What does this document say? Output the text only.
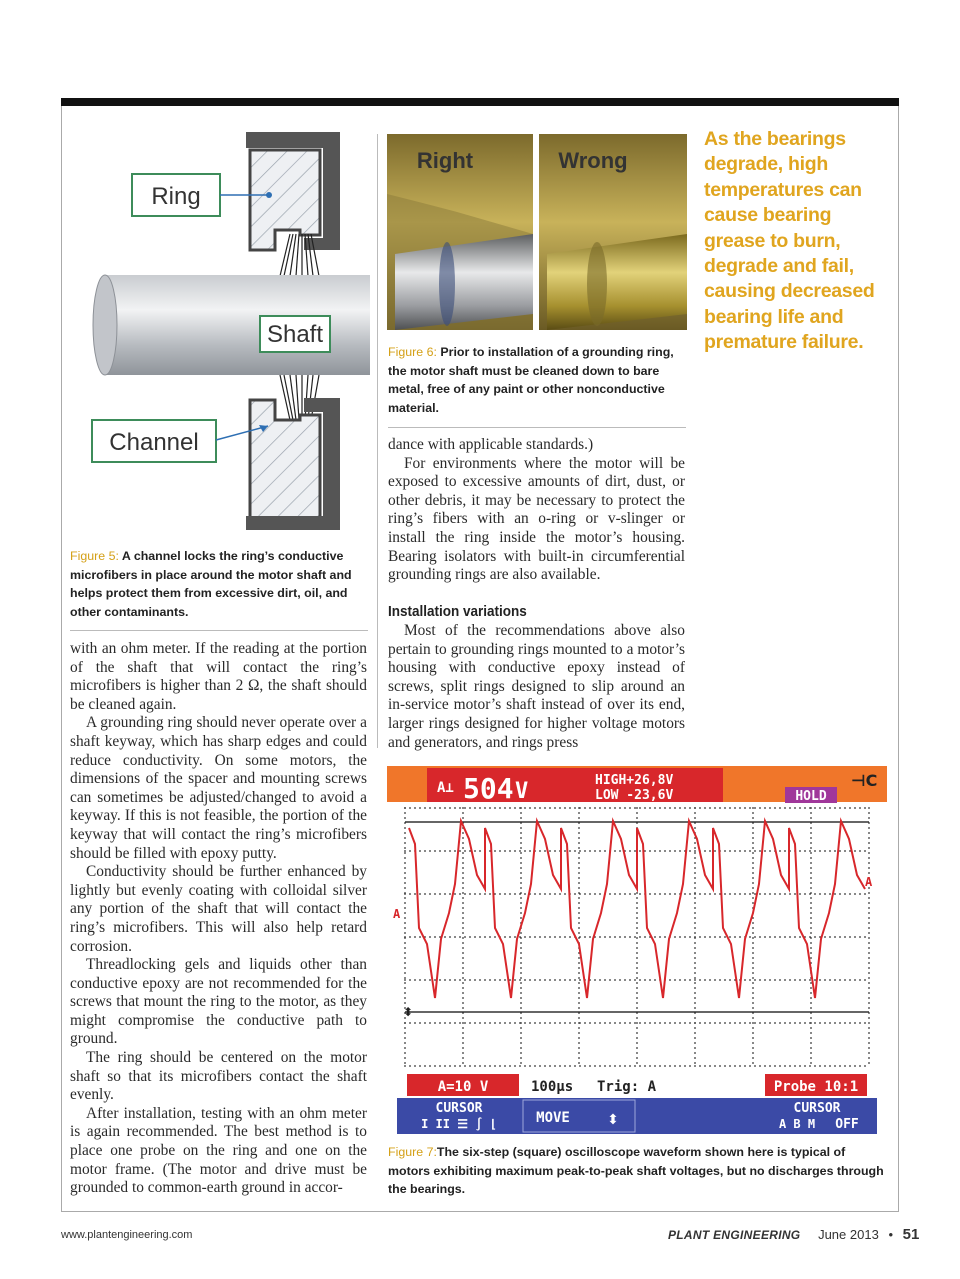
Ring
Shaft
Channel

Figure 5: A channel locks the ring’s conductive microfibers in place around the motor shaft and helps protect them from excessive dirt, oil, and other contaminants.

with an ohm meter. If the reading at the portion of the shaft that will contact the ring’s microfibers is higher than 2 Ω, the shaft should be cleaned again.

A grounding ring should never operate over a shaft keyway, which has sharp edges and could reduce conductivity. On some motors, the dimensions of the spacer and mounting screws can sometimes be adjusted/changed to avoid a keyway. If this is not feasible, the portion of the keyway that will contact the ring’s microfibers should be filled with epoxy putty.

Conductivity should be further enhanced by lightly but evenly coating with colloidal silver any portion of the shaft that will contact the ring’s microfibers. This will also help retard corrosion.

Threadlocking gels and liquids other than conductive epoxy are not recommended for the screws that mount the ring to the motor, as they might compromise the conductive path to ground.

The ring should be centered on the motor shaft so that its microfibers contact the shaft evenly.

After installation, testing with an ohm meter is again recommended. The best method is to place one probe on the ring and one on the motor frame. (The motor and drive must be grounded to common-earth ground in accor-

Right	Wrong

Figure 6: Prior to installation of a grounding ring, the motor shaft must be cleaned down to bare metal, free of any paint or other nonconductive material.

dance with applicable standards.)

For environments where the motor will be exposed to excessive amounts of dirt, dust, or other debris, it may be necessary to protect the ring’s fibers with an o-ring or v-slinger or install the ring inside the motor’s housing. Bearing isolators with built-in circumferential grounding rings are also available.

Installation variations

Most of the recommendations above also pertain to grounding rings mounted to a motor’s housing with conductive epoxy instead of screws, split rings designed to slip around an in-service motor’s shaft instead of over its end, larger rings designed for higher voltage motors and generators, and rings press

As the bearings degrade, high temperatures can cause bearing grease to burn, degrade and fail, causing decreased bearing life and premature failure.
A⊥ 504 V	HIGH+26,8V
LOW -23,6V	HOLD
⊣C
A
A
⬍
A=10 V	100µs Trig: A	Probe 10:1
CURSOR
I II ☰ ∫ ⌊	MOVE	⬍
CURSOR
A B M OFF

Figure 7:The six-step (square) oscilloscope waveform shown here is typical of motors exhibiting maximum peak-to-peak shaft voltages, but no discharges through the bearings.

www.plantengineering.com	PLANT ENGINEERING June 2013 • 51
